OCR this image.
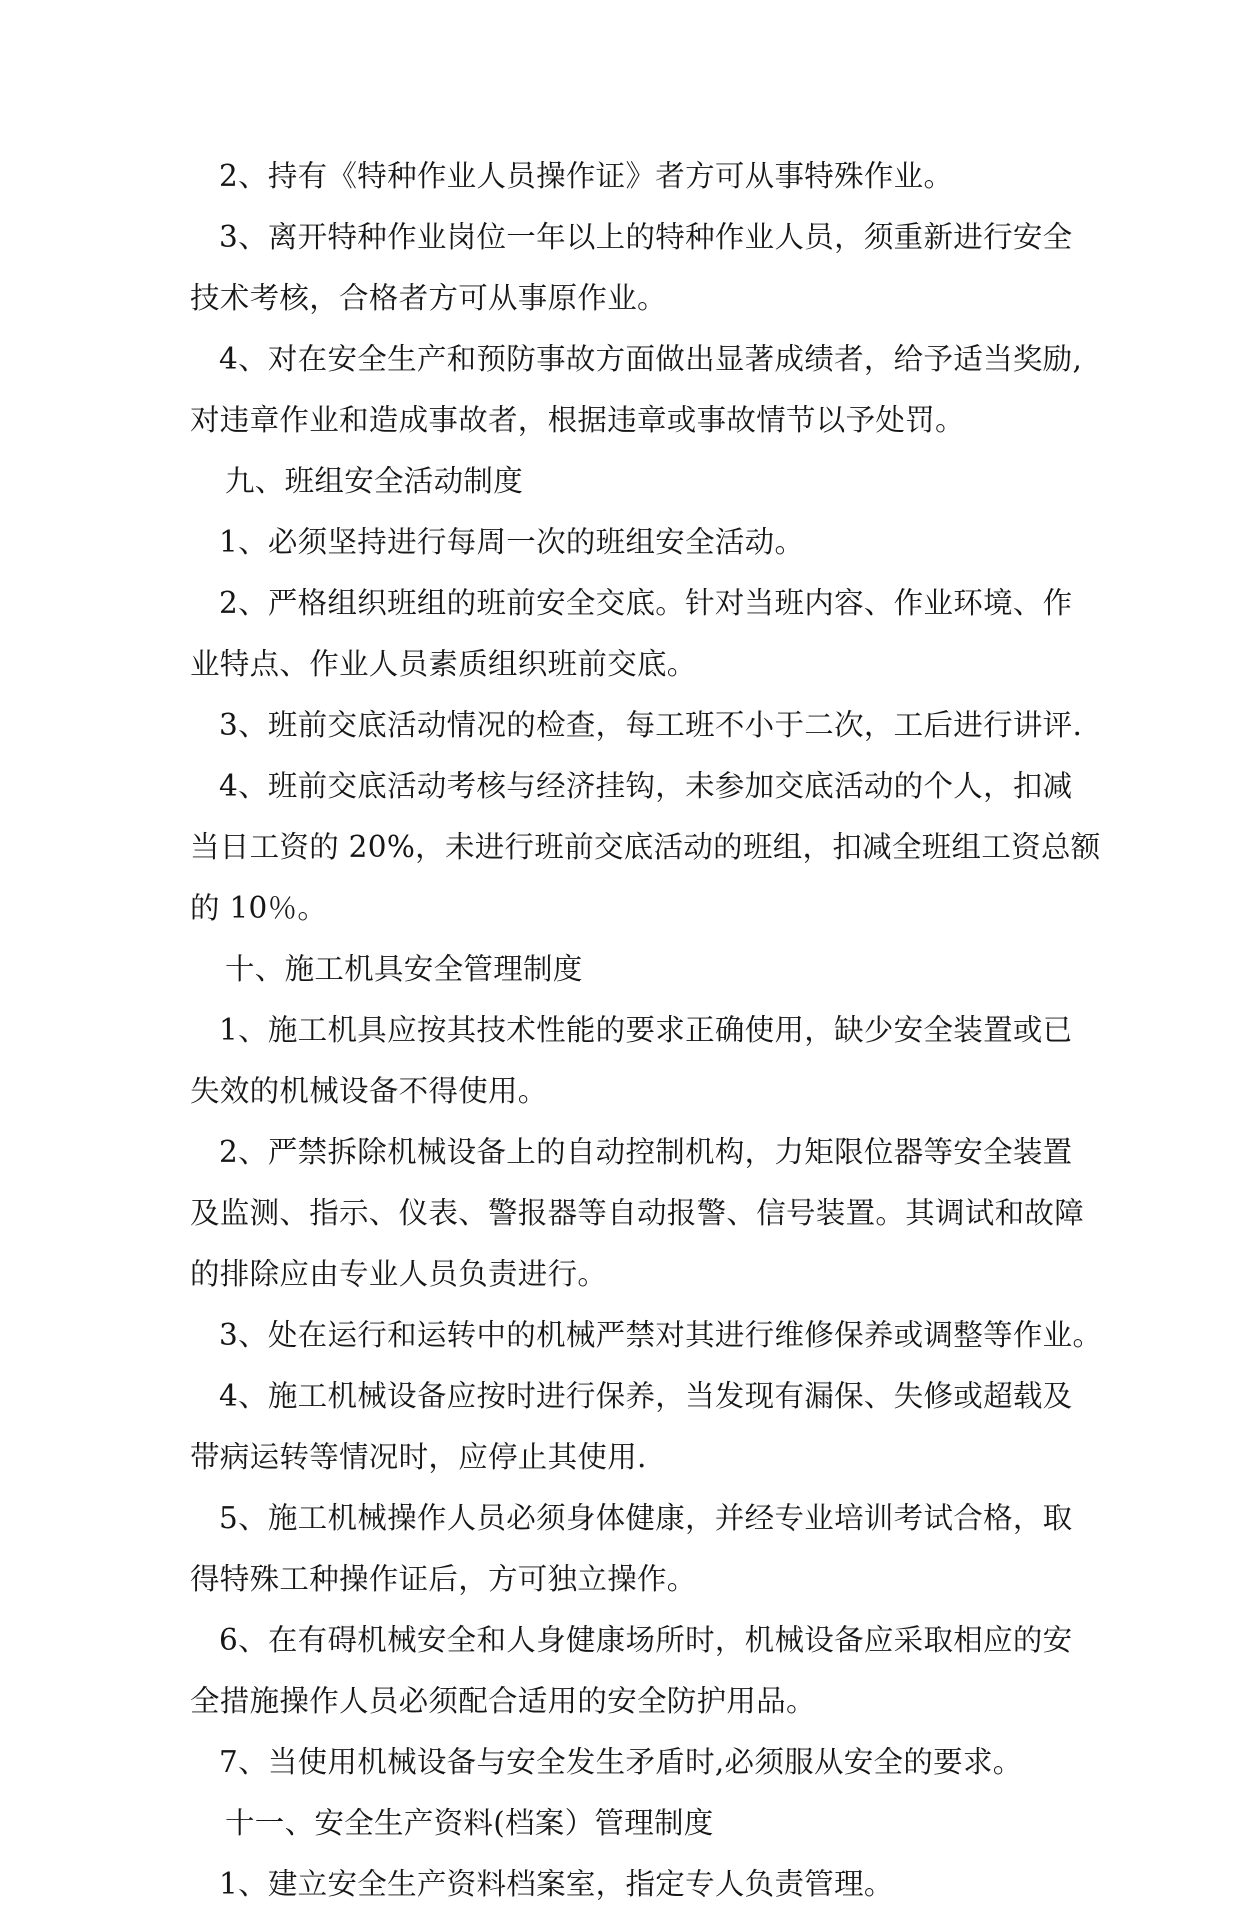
2、持有《特种作业人员操作证》者方可从事特殊作业。
3、离开特种作业岗位一年以上的特种作业人员，须重新进行安全
技术考核，合格者方可从事原作业。
4、对在安全生产和预防事故方面做出显著成绩者，给予适当奖励,
对违章作业和造成事故者，根据违章或事故情节以予处罚。
九、班组安全活动制度
1、必须坚持进行每周一次的班组安全活动。
2、严格组织班组的班前安全交底。针对当班内容、作业环境、作
业特点、作业人员素质组织班前交底。
3、班前交底活动情况的检查，每工班不小于二次，工后进行讲评.
4、班前交底活动考核与经济挂钩，未参加交底活动的个人，扣减
当日工资的 20%，未进行班前交底活动的班组，扣减全班组工资总额
的 10％。
十、施工机具安全管理制度
1、施工机具应按其技术性能的要求正确使用，缺少安全装置或已
失效的机械设备不得使用。
2、严禁拆除机械设备上的自动控制机构，力矩限位器等安全装置
及监测、指示、仪表、警报器等自动报警、信号装置。其调试和故障
的排除应由专业人员负责进行。
3、处在运行和运转中的机械严禁对其进行维修保养或调整等作业。
4、施工机械设备应按时进行保养，当发现有漏保、失修或超载及
带病运转等情况时，应停止其使用.
5、施工机械操作人员必须身体健康，并经专业培训考试合格，取
得特殊工种操作证后，方可独立操作。
6、在有碍机械安全和人身健康场所时，机械设备应采取相应的安
全措施操作人员必须配合适用的安全防护用品。
7、当使用机械设备与安全发生矛盾时,必须服从安全的要求。
十一、安全生产资料(档案）管理制度
1、建立安全生产资料档案室，指定专人负责管理。
